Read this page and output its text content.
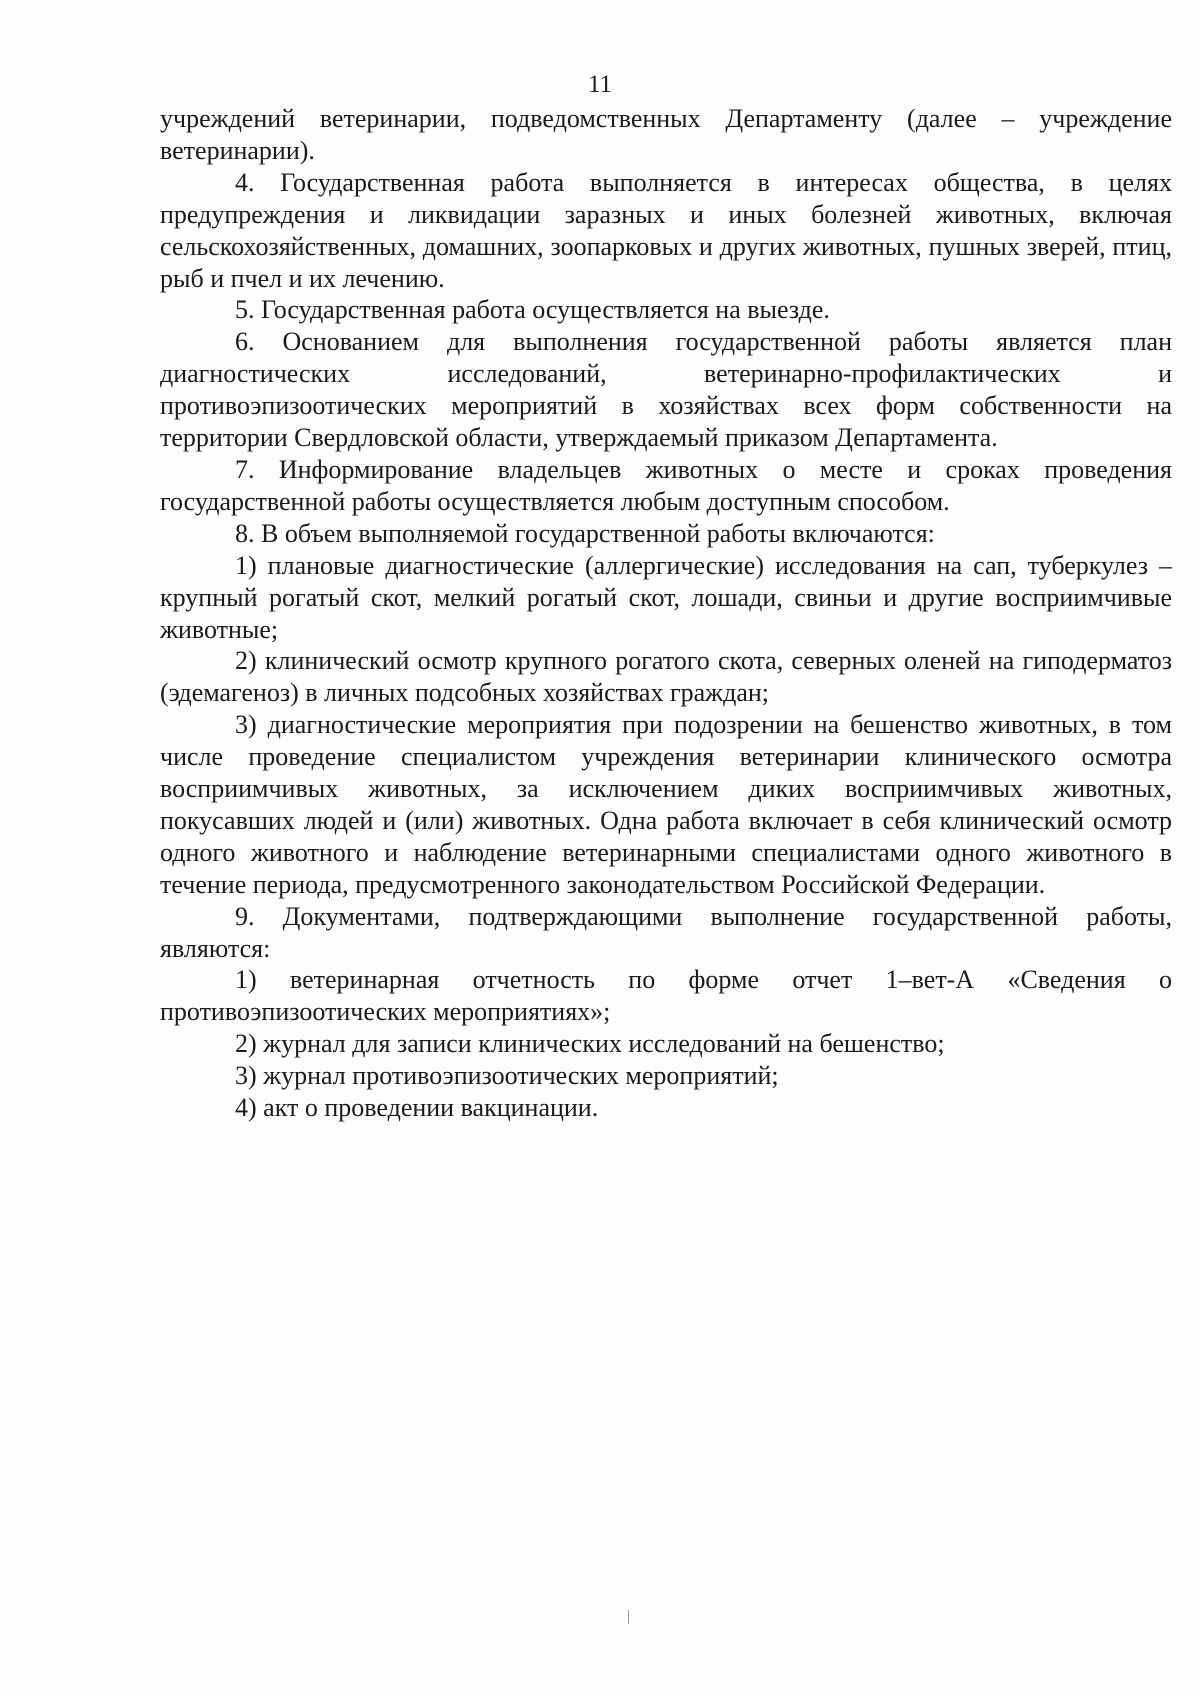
11

учреждений ветеринарии, подведомственных Департаменту (далее – учреждение ветеринарии).

4. Государственная работа выполняется в интересах общества, в целях предупреждения и ликвидации заразных и иных болезней животных, включая сельскохозяйственных, домашних, зоопарковых и других животных, пушных зверей, птиц, рыб и пчел и их лечению.

5. Государственная работа осуществляется на выезде.

6. Основанием для выполнения государственной работы является план диагностических исследований, ветеринарно-профилактических и противоэпизоотических мероприятий в хозяйствах всех форм собственности на территории Свердловской области, утверждаемый приказом Департамента.

7. Информирование владельцев животных о месте и сроках проведения государственной работы осуществляется любым доступным способом.

8. В объем выполняемой государственной работы включаются:

1) плановые диагностические (аллергические) исследования на сап, туберкулез – крупный рогатый скот, мелкий рогатый скот, лошади, свиньи и другие восприимчивые животные;

2) клинический осмотр крупного рогатого скота, северных оленей на гиподерматоз (эдемагеноз) в личных подсобных хозяйствах граждан;

3) диагностические мероприятия при подозрении на бешенство животных, в том числе проведение специалистом учреждения ветеринарии клинического осмотра восприимчивых животных, за исключением диких восприимчивых животных, покусавших людей и (или) животных. Одна работа включает в себя клинический осмотр одного животного и наблюдение ветеринарными специалистами одного животного в течение периода, предусмотренного законодательством Российской Федерации.

9. Документами, подтверждающими выполнение государственной работы, являются:

1) ветеринарная отчетность по форме отчет 1–вет-А «Сведения о противоэпизоотических мероприятиях»;

2) журнал для записи клинических исследований на бешенство;

3) журнал противоэпизоотических мероприятий;

4) акт о проведении вакцинации.
